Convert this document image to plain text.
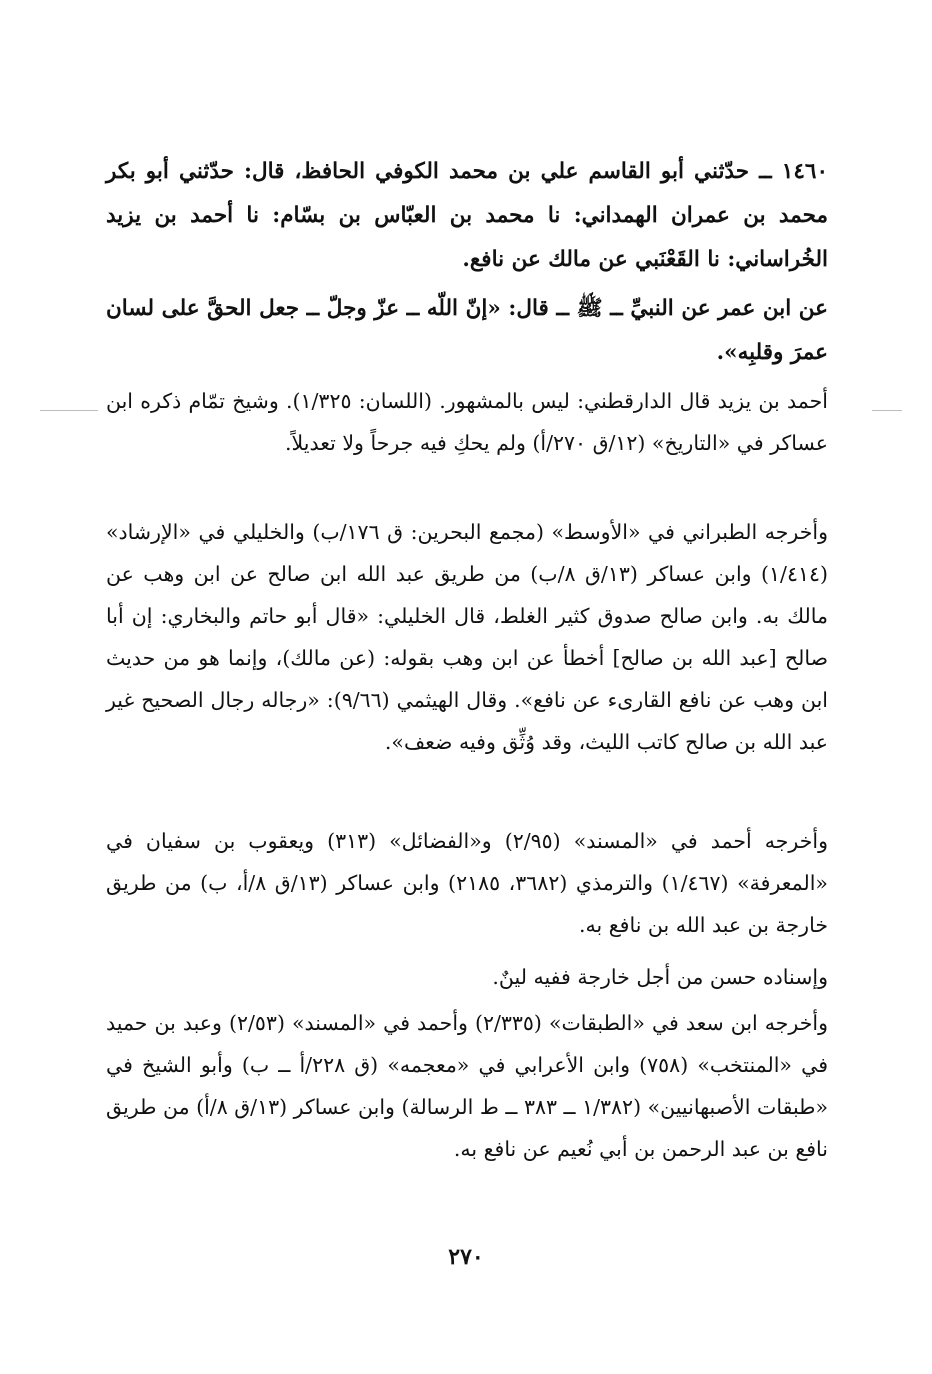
١٤٦٠ ــ حدّثني أبو القاسم علي بن محمد الكوفي الحافظ، قال: حدّثني أبو بكر محمد بن عمران الهمداني: نا محمد بن العبّاس بن بسّام: نا أحمد بن يزيد الخُراساني: نا القَعْنَبي عن مالك عن نافع.

عن ابن عمر عن النبيِّ ــ ﷺ ــ قال: «إنّ اللّه ــ عزّ وجلّ ــ جعل الحقَّ على لسان عمرَ وقلبِه».

أحمد بن يزيد قال الدارقطني: ليس بالمشهور. (اللسان: ١/٣٢٥). وشيخ تمّام ذكره ابن عساكر في «التاريخ» (١٢/ق ٢٧٠/أ) ولم يحكِ فيه جرحاً ولا تعديلاً.

وأخرجه الطبراني في «الأوسط» (مجمع البحرين: ق ١٧٦/ب) والخليلي في «الإرشاد» (١/٤١٤) وابن عساكر (١٣/ق ٨/ب) من طريق عبد الله ابن صالح عن ابن وهب عن مالك به. وابن صالح صدوق كثير الغلط، قال الخليلي: «قال أبو حاتم والبخاري: إن أبا صالح [عبد الله بن صالح] أخطأ عن ابن وهب بقوله: (عن مالك)، وإنما هو من حديث ابن وهب عن نافع القارىء عن نافع». وقال الهيثمي (٩/٦٦): «رجاله رجال الصحيح غير عبد الله بن صالح كاتب الليث، وقد وُثِّق وفيه ضعف».

وأخرجه أحمد في «المسند» (٢/٩٥) و«الفضائل» (٣١٣) ويعقوب بن سفيان في «المعرفة» (١/٤٦٧) والترمذي (٣٦٨٢، ٢١٨٥) وابن عساكر (١٣/ق ٨/أ، ب) من طريق خارجة بن عبد الله بن نافع به.

وإسناده حسن من أجل خارجة ففيه لينٌ.

وأخرجه ابن سعد في «الطبقات» (٢/٣٣٥) وأحمد في «المسند» (٢/٥٣) وعبد بن حميد في «المنتخب» (٧٥٨) وابن الأعرابي في «معجمه» (ق ٢٢٨/أ ــ ب) وأبو الشيخ في «طبقات الأصبهانيين» (١/٣٨٢ ــ ٣٨٣ ــ ط الرسالة) وابن عساكر (١٣/ق ٨/أ) من طريق نافع بن عبد الرحمن بن أبي نُعيم عن نافع به.

٢٧٠
